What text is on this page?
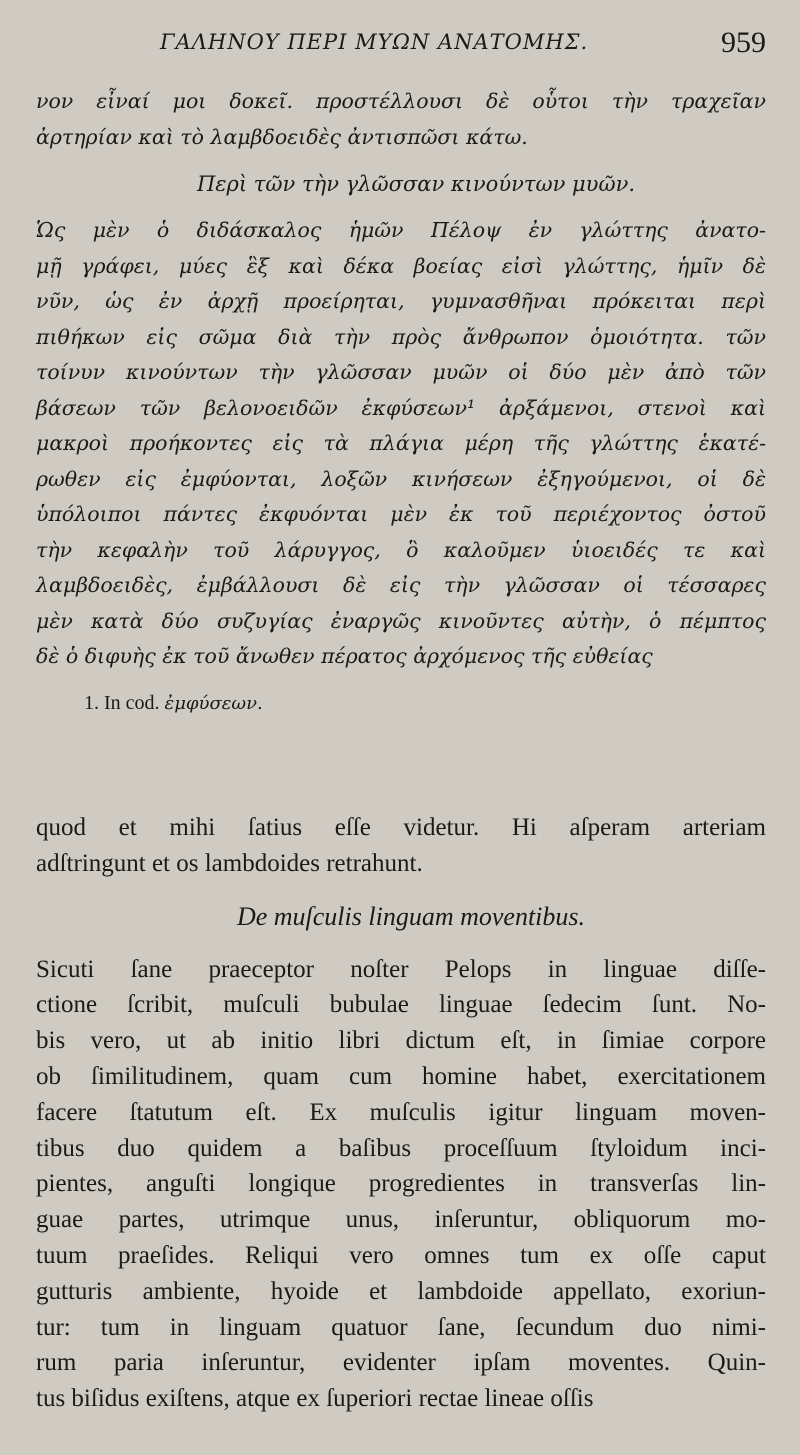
ΓΑΛΗΝΟΥ ΠΕΡΙ ΜΥΩΝ ΑΝΑΤΟΜΗΣ.	959
νον εἶναί μοι δοκεῖ. προστέλλουσι δὲ οὗτοι τὴν τραχεῖαν
ἀρτηρίαν καὶ τὸ λαμβδοειδὲς ἀντισπῶσι κάτω.
Περὶ τῶν τὴν γλῶσσαν κινούντων μυῶν.
Ὡς μὲν ὁ διδάσκαλος ἡμῶν Πέλοψ ἐν γλώττης ἀνατο-
μῇ γράφει, μύες ἓξ καὶ δέκα βοείας εἰσὶ γλώττης, ἡμῖν δὲ
νῦν, ὡς ἐν ἀρχῇ προείρηται, γυμνασθῆναι πρόκειται περὶ
πιθήκων εἰς σῶμα διὰ τὴν πρὸς ἄνθρωπον ὁμοιότητα. τῶν
τοίνυν κινούντων τὴν γλῶσσαν μυῶν οἱ δύο μὲν ἀπὸ τῶν
βάσεων τῶν βελονοειδῶν ἐκφύσεων¹ ἀρξάμενοι, στενοὶ καὶ
μακροὶ προήκοντες εἰς τὰ πλάγια μέρη τῆς γλώττης ἑκατέ-
ρωθεν εἰς ἐμφύονται, λοξῶν κινήσεων ἐξηγούμενοι, οἱ δὲ
ὑπόλοιποι πάντες ἐκφυόνται μὲν ἐκ τοῦ περιέχοντος ὀστοῦ
τὴν κεφαλὴν τοῦ λάρυγγος, ὃ καλοῦμεν ὑιοειδές τε καὶ
λαμβδοειδὲς, ἐμβάλλουσι δὲ εἰς τὴν γλῶσσαν οἱ τέσσαρες
μὲν κατὰ δύο συζυγίας ἐναργῶς κινοῦντες αὐτὴν, ὁ πέμπτος
δὲ ὁ διφυὴς ἐκ τοῦ ἄνωθεν πέρατος ἀρχόμενος τῆς εὐθείας
1. In cod. ἐμφύσεων.
quod et mihi ſatius eſſe videtur. Hi aſperam arteriam
adſtringunt et os lambdoides retrahunt.
De muſculis linguam moventibus.
Sicuti ſane praeceptor noſter Pelops in linguae diſſe-
ctione ſcribit, muſculi bubulae linguae ſedecim ſunt. No-
bis vero, ut ab initio libri dictum eſt, in ſimiae corpore
ob ſimilitudinem, quam cum homine habet, exercitationem
facere ſtatutum eſt. Ex muſculis igitur linguam moven-
tibus duo quidem a baſibus proceſſuum ſtyloidum inci-
pientes, anguſti longique progredientes in transverſas lin-
guae partes, utrimque unus, inſeruntur, obliquorum mo-
tuum praeſides. Reliqui vero omnes tum ex oſſe caput
gutturis ambiente, hyoide et lambdoide appellato, exoriun-
tur: tum in linguam quatuor ſane, ſecundum duo nimi-
rum paria inſeruntur, evidenter ipſam moventes. Quin-
tus biſidus exiſtens, atque ex ſuperiori rectae lineae oſſis
